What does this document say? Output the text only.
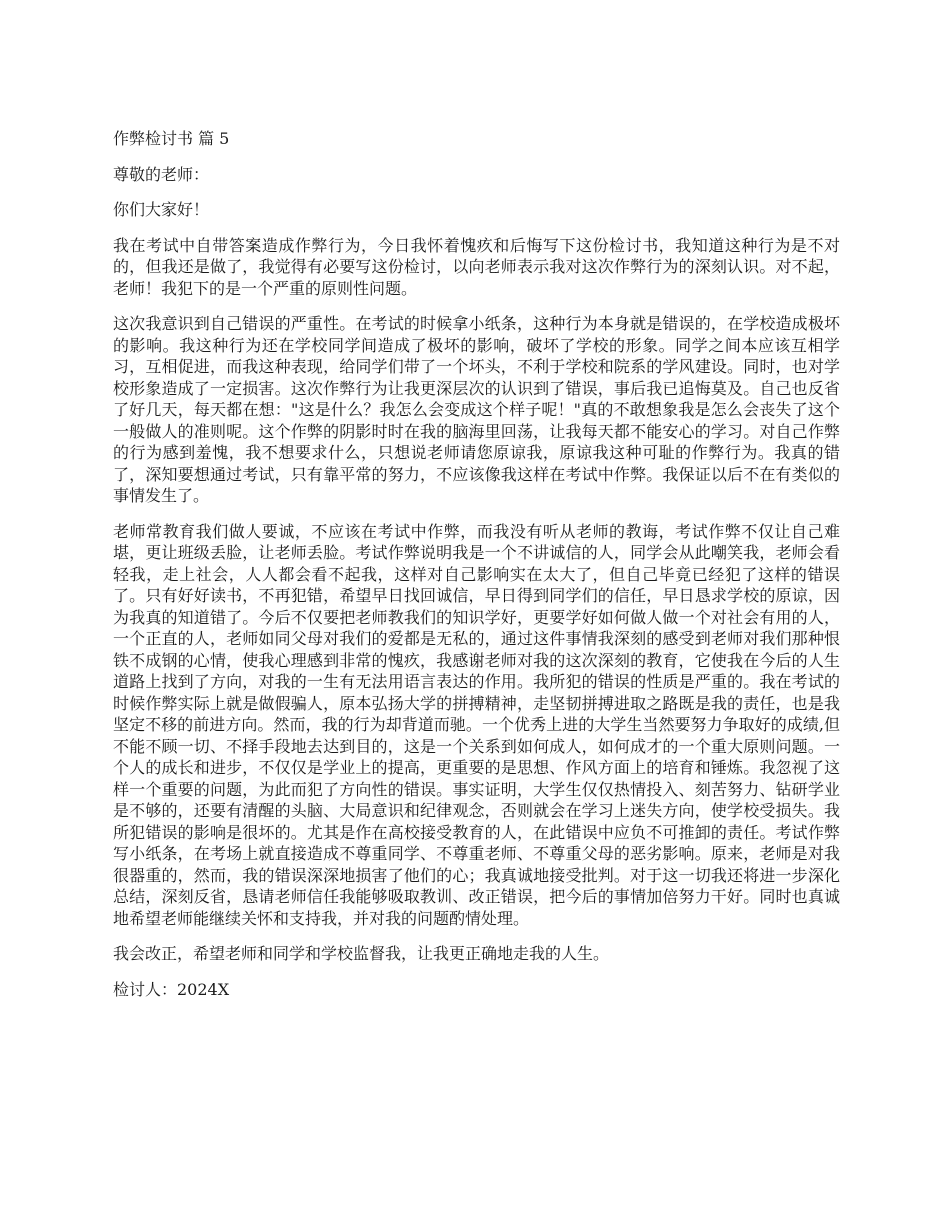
作弊检讨书 篇 5

尊敬的老师：

你们大家好！

我在考试中自带答案造成作弊行为，今日我怀着愧疚和后悔写下这份检讨书，我知道这种行为是不对的，但我还是做了，我觉得有必要写这份检讨，以向老师表示我对这次作弊行为的深刻认识。对不起，老师！我犯下的是一个严重的原则性问题。

这次我意识到自己错误的严重性。在考试的时候拿小纸条，这种行为本身就是错误的，在学校造成极坏的影响。我这种行为还在学校同学间造成了极坏的影响，破坏了学校的形象。同学之间本应该互相学习，互相促进，而我这种表现，给同学们带了一个坏头，不利于学校和院系的学风建设。同时，也对学校形象造成了一定损害。这次作弊行为让我更深层次的认识到了错误，事后我已追悔莫及。自己也反省了好几天，每天都在想："这是什么？我怎么会变成这个样子呢！"真的不敢想象我是怎么会丧失了这个一般做人的准则呢。这个作弊的阴影时时在我的脑海里回荡，让我每天都不能安心的学习。对自己作弊的行为感到羞愧，我不想要求什么，只想说老师请您原谅我，原谅我这种可耻的作弊行为。我真的错了，深知要想通过考试，只有靠平常的努力，不应该像我这样在考试中作弊。我保证以后不在有类似的事情发生了。

老师常教育我们做人要诚，不应该在考试中作弊，而我没有听从老师的教诲，考试作弊不仅让自己难堪，更让班级丢脸，让老师丢脸。考试作弊说明我是一个不讲诚信的人，同学会从此嘲笑我，老师会看轻我，走上社会，人人都会看不起我，这样对自己影响实在太大了，但自己毕竟已经犯了这样的错误了。只有好好读书，不再犯错，希望早日找回诚信，早日得到同学们的信任，早日恳求学校的原谅，因为我真的知道错了。今后不仅要把老师教我们的知识学好，更要学好如何做人做一个对社会有用的人，一个正直的人，老师如同父母对我们的爱都是无私的，通过这件事情我深刻的感受到老师对我们那种恨铁不成钢的心情，使我心理感到非常的愧疚，我感谢老师对我的这次深刻的教育，它使我在今后的人生道路上找到了方向，对我的一生有无法用语言表达的作用。我所犯的错误的性质是严重的。我在考试的时候作弊实际上就是做假骗人，原本弘扬大学的拼搏精神，走坚韧拼搏进取之路既是我的责任，也是我坚定不移的前进方向。然而，我的行为却背道而驰。一个优秀上进的大学生当然要努力争取好的成绩,但不能不顾一切、不择手段地去达到目的，这是一个关系到如何成人，如何成才的一个重大原则问题。一个人的成长和进步，不仅仅是学业上的提高，更重要的是思想、作风方面上的培育和锤炼。我忽视了这样一个重要的问题，为此而犯了方向性的错误。事实证明，大学生仅仅热情投入、刻苦努力、钻研学业是不够的，还要有清醒的头脑、大局意识和纪律观念，否则就会在学习上迷失方向，使学校受损失。我所犯错误的影响是很坏的。尤其是作在高校接受教育的人，在此错误中应负不可推卸的责任。考试作弊写小纸条，在考场上就直接造成不尊重同学、不尊重老师、不尊重父母的恶劣影响。原来，老师是对我很器重的，然而，我的错误深深地损害了他们的心；我真诚地接受批判。对于这一切我还将进一步深化总结，深刻反省，恳请老师信任我能够吸取教训、改正错误，把今后的事情加倍努力干好。同时也真诚地希望老师能继续关怀和支持我，并对我的问题酌情处理。

我会改正，希望老师和同学和学校监督我，让我更正确地走我的人生。

检讨人：2024X
